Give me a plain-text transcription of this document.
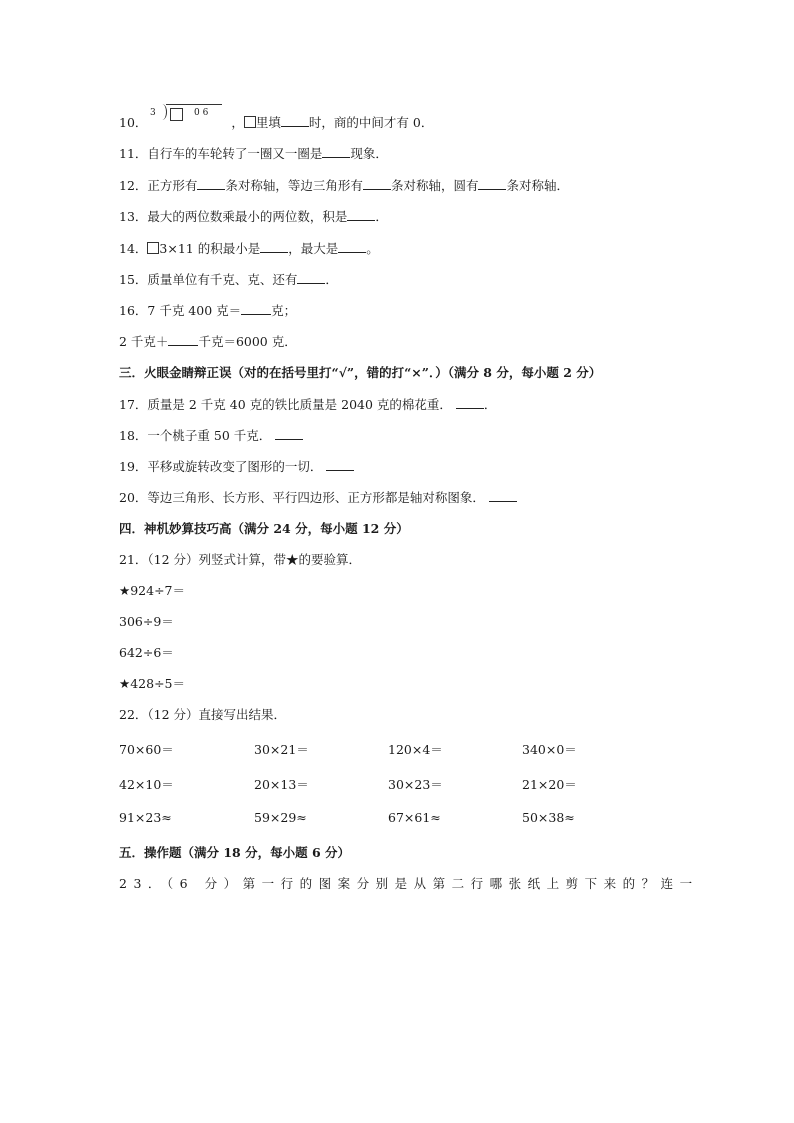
10．	， 里填 时，商的中间才有 0．
3	0 6
11．自行车的车轮转了一圈又一圈是 现象．
12．正方形有 条对称轴，等边三角形有 条对称轴，圆有 条对称轴．
13．最大的两位数乘最小的两位数，积是 ．
14． 3×11 的积最小是 ，最大是 。
15．质量单位有千克、克、还有 ．
16．7 千克 400 克＝ 克；
2 千克＋ 千克＝6000 克．
三．火眼金睛辩正误（对的在括号里打“√”，错的打“×”．）（满分 8 分，每小题 2 分）
17．质量是 2 千克 40 克的铁比质量是 2040 克的棉花重．	．
18．一个桃子重 50 千克．
19．平移或旋转改变了图形的一切．
20．等边三角形、长方形、平行四边形、正方形都是轴对称图象．
四．神机妙算技巧高（满分 24 分，每小题 12 分）
21．（12 分）列竖式计算，带★的要验算．
★924÷7＝
306÷9＝
642÷6＝
★428÷5＝
22．（12 分）直接写出结果．
70×60＝	30×21＝	120×4＝	340×0＝
42×10＝	20×13＝	30×23＝	21×20＝
91×23≈	59×29≈	67×61≈	50×38≈
五．操作题（满分 18 分，每小题 6 分）
23．（6 分）第一行的图案分别是从第二行哪张纸上剪下来的？连一
